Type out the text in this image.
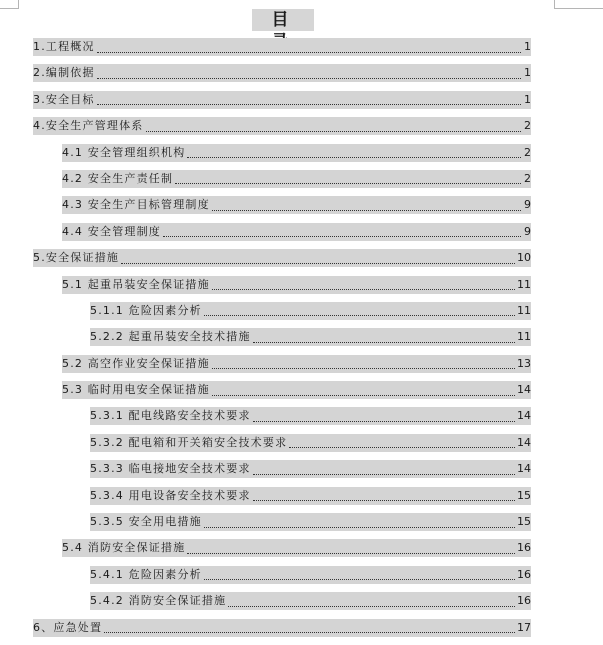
目
1.工程概况	1
2.编制依据	1
3.安全目标	1
4.安全生产管理体系	2
4.1 安全管理组织机构	2
4.2 安全生产责任制	2
4.3 安全生产目标管理制度	9
4.4 安全管理制度	9
5.安全保证措施	10
5.1 起重吊装安全保证措施	11
5.1.1 危险因素分析	11
5.2.2 起重吊装安全技术措施	11
5.2 高空作业安全保证措施	13
5.3 临时用电安全保证措施	14
5.3.1 配电线路安全技术要求	14
5.3.2 配电箱和开关箱安全技术要求	14
5.3.3 临电接地安全技术要求	14
5.3.4 用电设备安全技术要求	15
5.3.5 安全用电措施	15
5.4 消防安全保证措施	16
5.4.1 危险因素分析	16
5.4.2 消防安全保证措施	16
6、应急处置	17
